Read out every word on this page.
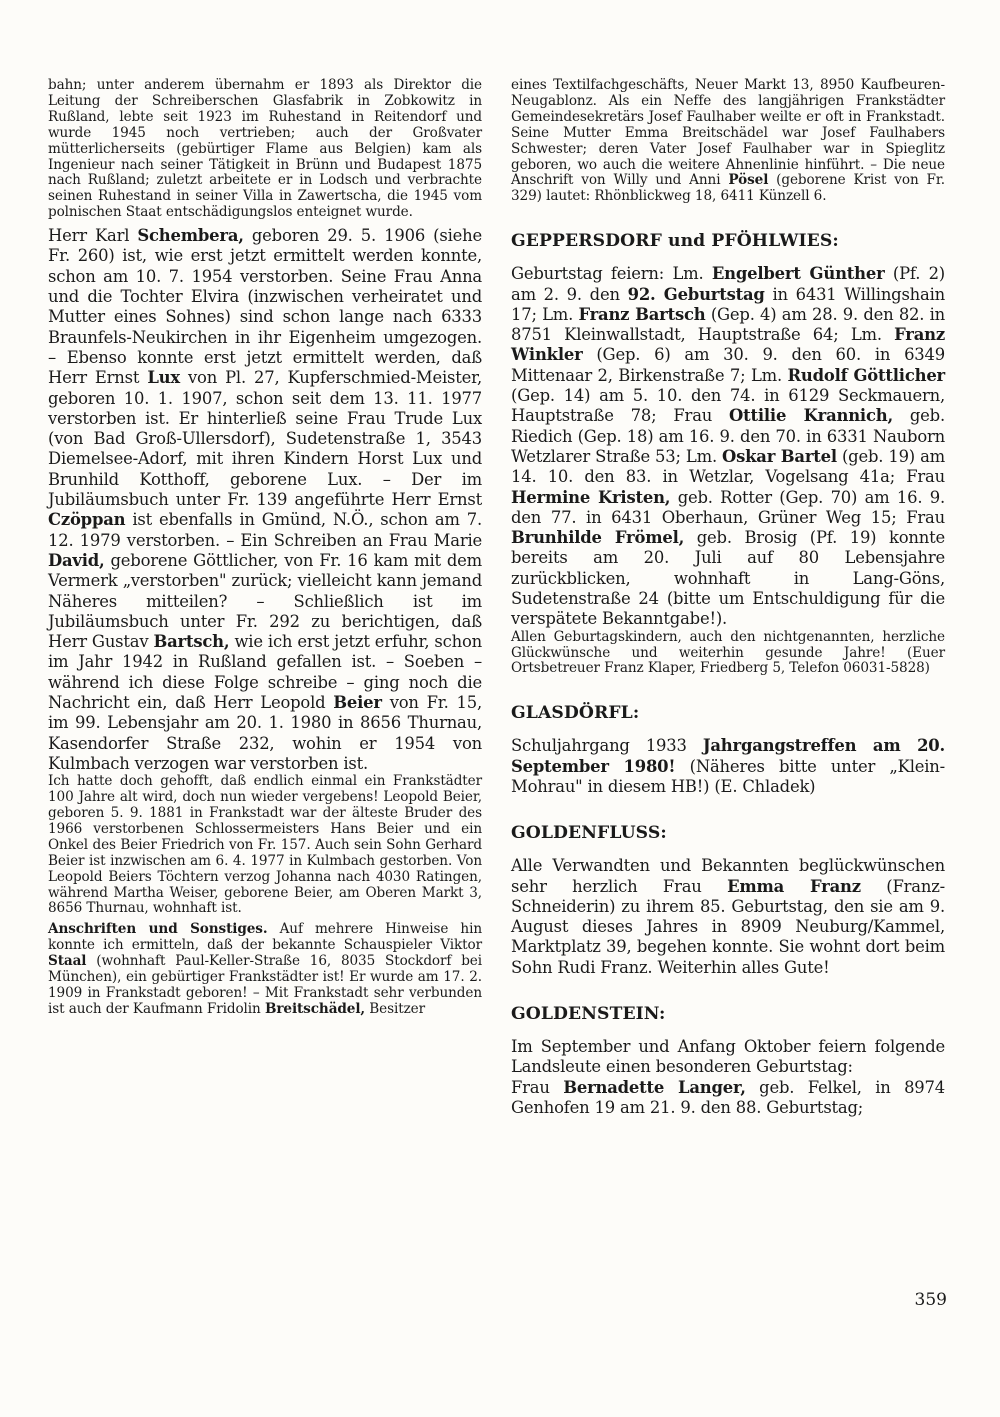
bahn; unter anderem übernahm er 1893 als Direktor die Leitung der Schreiberschen Glasfabrik in Zobkowitz in Rußland, lebte seit 1923 im Ruhestand in Reitendorf und wurde 1945 noch vertrieben; auch der Großvater mütterlicherseits (gebürtiger Flame aus Belgien) kam als Ingenieur nach seiner Tätigkeit in Brünn und Budapest 1875 nach Rußland; zuletzt arbeitete er in Lodsch und verbrachte seinen Ruhestand in seiner Villa in Zawertscha, die 1945 vom polnischen Staat entschädigungslos enteignet wurde.

Herr Karl Schembera, geboren 29. 5. 1906 (siehe Fr. 260) ist, wie erst jetzt ermittelt werden konnte, schon am 10. 7. 1954 verstorben. Seine Frau Anna und die Tochter Elvira (inzwischen verheiratet und Mutter eines Sohnes) sind schon lange nach 6333 Braunfels-Neukirchen in ihr Eigenheim umgezogen. – Ebenso konnte erst jetzt ermittelt werden, daß Herr Ernst Lux von Pl. 27, Kupferschmied-Meister, geboren 10. 1. 1907, schon seit dem 13. 11. 1977 verstorben ist. Er hinterließ seine Frau Trude Lux (von Bad Groß-Ullersdorf), Sudetenstraße 1, 3543 Diemelsee-Adorf, mit ihren Kindern Horst Lux und Brunhild Kotthoff, geborene Lux. – Der im Jubiläumsbuch unter Fr. 139 angeführte Herr Ernst Czöppan ist ebenfalls in Gmünd, N.Ö., schon am 7. 12. 1979 verstorben. – Ein Schreiben an Frau Marie David, geborene Göttlicher, von Fr. 16 kam mit dem Vermerk „verstorben" zurück; vielleicht kann jemand Näheres mitteilen? – Schließlich ist im Jubiläumsbuch unter Fr. 292 zu berichtigen, daß Herr Gustav Bartsch, wie ich erst jetzt erfuhr, schon im Jahr 1942 in Rußland gefallen ist. – Soeben – während ich diese Folge schreibe – ging noch die Nachricht ein, daß Herr Leopold Beier von Fr. 15, im 99. Lebensjahr am 20. 1. 1980 in 8656 Thurnau, Kasendorfer Straße 232, wohin er 1954 von Kulmbach verzogen war verstorben ist.

Ich hatte doch gehofft, daß endlich einmal ein Frankstädter 100 Jahre alt wird, doch nun wieder vergebens! Leopold Beier, geboren 5. 9. 1881 in Frankstadt war der älteste Bruder des 1966 verstorbenen Schlossermeisters Hans Beier und ein Onkel des Beier Friedrich von Fr. 157. Auch sein Sohn Gerhard Beier ist inzwischen am 6. 4. 1977 in Kulmbach gestorben. Von Leopold Beiers Töchtern verzog Johanna nach 4030 Ratingen, während Martha Weiser, geborene Beier, am Oberen Markt 3, 8656 Thurnau, wohnhaft ist.

Anschriften und Sonstiges. Auf mehrere Hinweise hin konnte ich ermitteln, daß der bekannte Schauspieler Viktor Staal (wohnhaft Paul-Keller-Straße 16, 8035 Stockdorf bei München), ein gebürtiger Frankstädter ist! Er wurde am 17. 2. 1909 in Frankstadt geboren! – Mit Frankstadt sehr verbunden ist auch der Kaufmann Fridolin Breitschädel, Besitzer

eines Textilfachgeschäfts, Neuer Markt 13, 8950 Kaufbeuren-Neugablonz. Als ein Neffe des langjährigen Frankstädter Gemeindesekretärs Josef Faulhaber weilte er oft in Frankstadt. Seine Mutter Emma Breitschädel war Josef Faulhabers Schwester; deren Vater Josef Faulhaber war in Spieglitz geboren, wo auch die weitere Ahnenlinie hinführt. – Die neue Anschrift von Willy und Anni Pösel (geborene Krist von Fr. 329) lautet: Rhönblickweg 18, 6411 Künzell 6.

GEPPERSDORF und PFÖHLWIES:

Geburtstag feiern: Lm. Engelbert Günther (Pf. 2) am 2. 9. den 92. Geburtstag in 6431 Willingshain 17; Lm. Franz Bartsch (Gep. 4) am 28. 9. den 82. in 8751 Kleinwallstadt, Hauptstraße 64; Lm. Franz Winkler (Gep. 6) am 30. 9. den 60. in 6349 Mittenaar 2, Birkenstraße 7; Lm. Rudolf Göttlicher (Gep. 14) am 5. 10. den 74. in 6129 Seckmauern, Hauptstraße 78; Frau Ottilie Krannich, geb. Riedich (Gep. 18) am 16. 9. den 70. in 6331 Nauborn Wetzlarer Straße 53; Lm. Oskar Bartel (geb. 19) am 14. 10. den 83. in Wetzlar, Vogelsang 41a; Frau Hermine Kristen, geb. Rotter (Gep. 70) am 16. 9. den 77. in 6431 Oberhaun, Grüner Weg 15; Frau Brunhilde Frömel, geb. Brosig (Pf. 19) konnte bereits am 20. Juli auf 80 Lebensjahre zurückblicken, wohnhaft in Lang-Göns, Sudetenstraße 24 (bitte um Entschuldigung für die verspätete Bekanntgabe!).

Allen Geburtagskindern, auch den nichtgenannten, herzliche Glückwünsche und weiterhin gesunde Jahre! (Euer Ortsbetreuer Franz Klaper, Friedberg 5, Telefon 06031-5828)

GLASDÖRFL:

Schuljahrgang 1933 Jahrgangstreffen am 20. September 1980! (Näheres bitte unter „Klein-Mohrau" in diesem HB!) (E. Chladek)

GOLDENFLUSS:

Alle Verwandten und Bekannten beglückwünschen sehr herzlich Frau Emma Franz (Franz-Schneiderin) zu ihrem 85. Geburtstag, den sie am 9. August dieses Jahres in 8909 Neuburg/Kammel, Marktplatz 39, begehen konnte. Sie wohnt dort beim Sohn Rudi Franz. Weiterhin alles Gute!

GOLDENSTEIN:

Im September und Anfang Oktober feiern folgende Landsleute einen besonderen Geburtstag:

Frau Bernadette Langer, geb. Felkel, in 8974 Genhofen 19 am 21. 9. den 88. Geburtstag;

359
